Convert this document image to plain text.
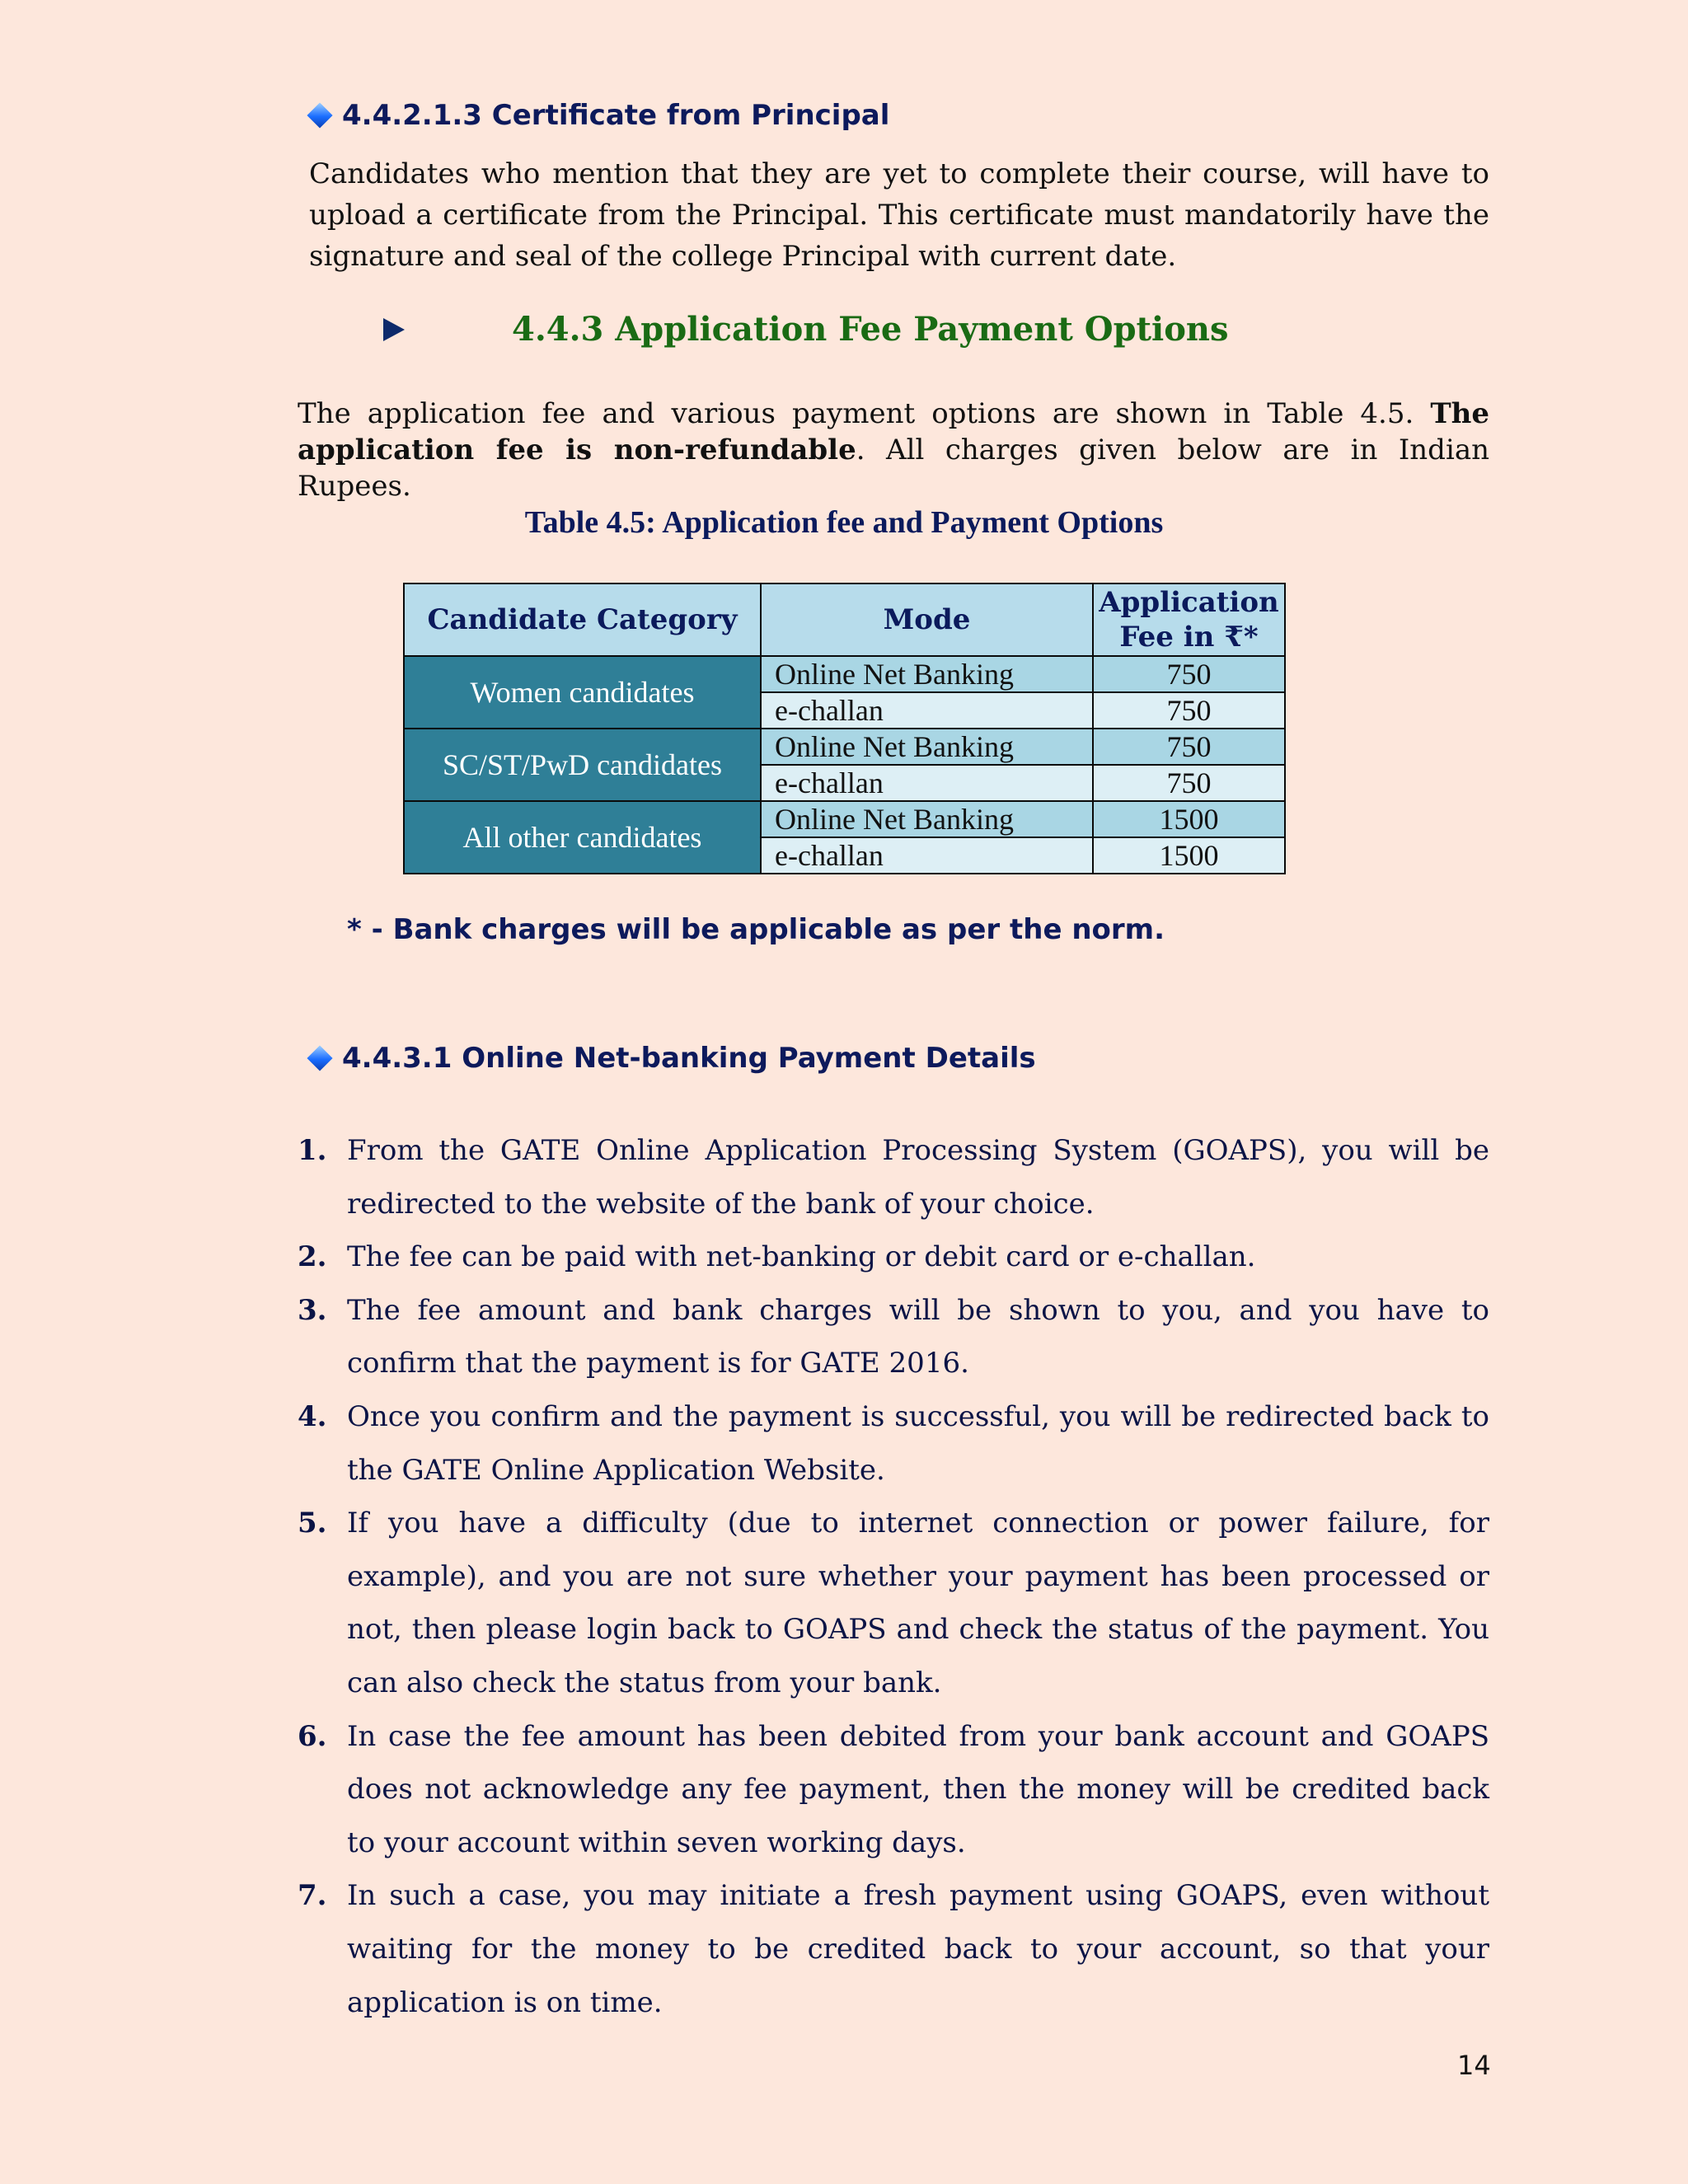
4.4.2.1.3 Certificate from Principal
Candidates who mention that they are yet to complete their course, will have to upload a certificate from the Principal. This certificate must mandatorily have the signature and seal of the college Principal with current date.
4.4.3 Application Fee Payment Options
The application fee and various payment options are shown in Table 4.5. The application fee is non-refundable. All charges given below are in Indian Rupees.
Table 4.5: Application fee and Payment Options
Candidate Category	Mode	Application
Fee in ₹*

Women candidates	Online Net Banking	750
	e-challan	750
SC/ST/PwD candidates	Online Net Banking	750
	e-challan	750
All other candidates	Online Net Banking	1500
	e-challan	1500
* - Bank charges will be applicable as per the norm.
4.4.3.1 Online Net-banking Payment Details
1. From the GATE Online Application Processing System (GOAPS), you will be redirected to the website of the bank of your choice.
2. The fee can be paid with net-banking or debit card or e-challan.
3. The fee amount and bank charges will be shown to you, and you have to confirm that the payment is for GATE 2016.
4. Once you confirm and the payment is successful, you will be redirected back to the GATE Online Application Website.
5. If you have a difficulty (due to internet connection or power failure, for example), and you are not sure whether your payment has been processed or not, then please login back to GOAPS and check the status of the payment. You can also check the status from your bank.
6. In case the fee amount has been debited from your bank account and GOAPS does not acknowledge any fee payment, then the money will be credited back to your account within seven working days.
7. In such a case, you may initiate a fresh payment using GOAPS, even without waiting for the money to be credited back to your account, so that your application is on time.
14
